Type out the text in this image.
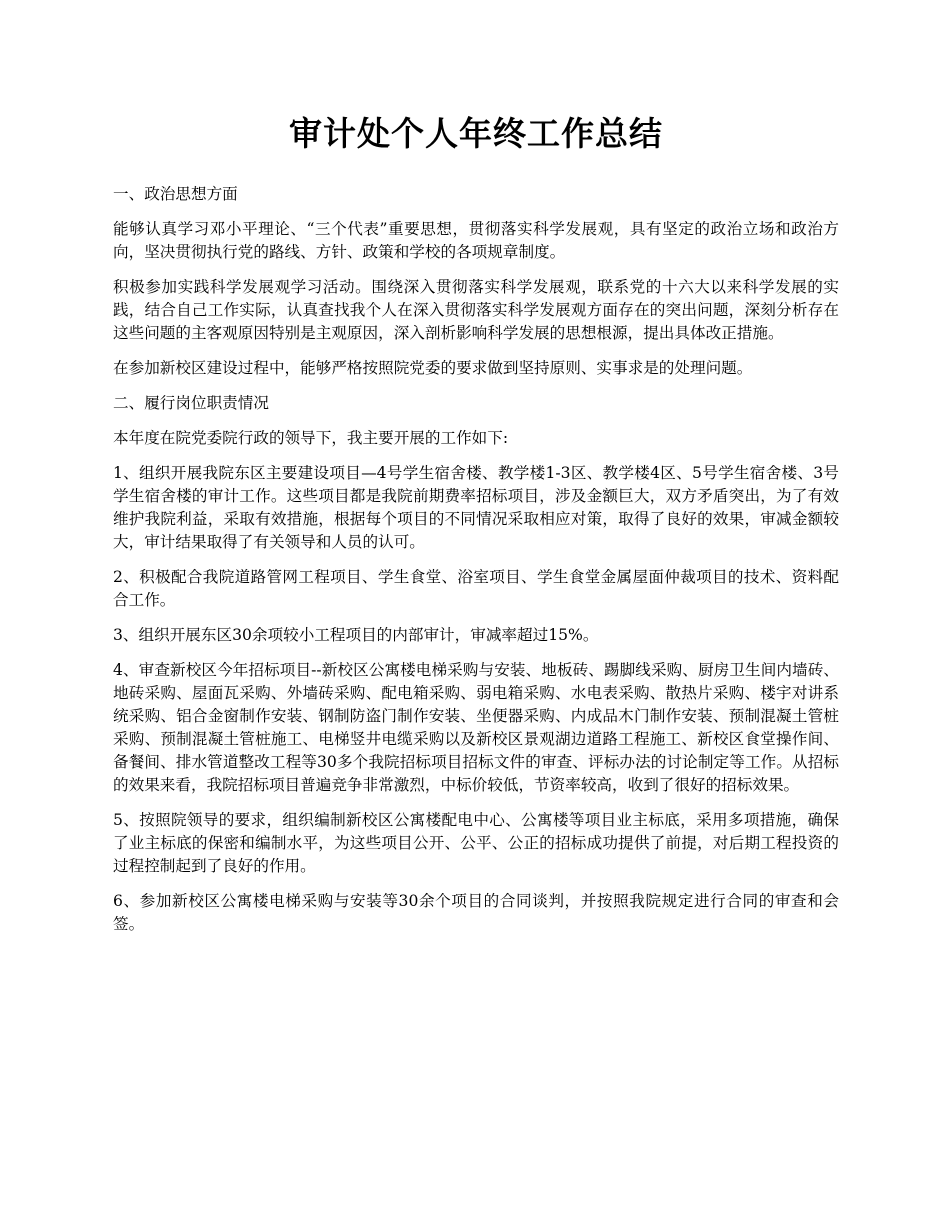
审计处个人年终工作总结

一、政治思想方面

能够认真学习邓小平理论、“三个代表”重要思想，贯彻落实科学发展观，具有坚定的政治立场和政治方向，坚决贯彻执行党的路线、方针、政策和学校的各项规章制度。

积极参加实践科学发展观学习活动。围绕深入贯彻落实科学发展观，联系党的十六大以来科学发展的实践，结合自己工作实际，认真查找我个人在深入贯彻落实科学发展观方面存在的突出问题，深刻分析存在这些问题的主客观原因特别是主观原因，深入剖析影响科学发展的思想根源，提出具体改正措施。

在参加新校区建设过程中，能够严格按照院党委的要求做到坚持原则、实事求是的处理问题。

二、履行岗位职责情况

本年度在院党委院行政的领导下，我主要开展的工作如下:

1、组织开展我院东区主要建设项目—4号学生宿舍楼、教学楼1-3区、教学楼4区、5号学生宿舍楼、3号学生宿舍楼的审计工作。这些项目都是我院前期费率招标项目，涉及金额巨大，双方矛盾突出，为了有效维护我院利益，采取有效措施，根据每个项目的不同情况采取相应对策，取得了良好的效果，审减金额较大，审计结果取得了有关领导和人员的认可。

2、积极配合我院道路管网工程项目、学生食堂、浴室项目、学生食堂金属屋面仲裁项目的技术、资料配合工作。

3、组织开展东区30余项较小工程项目的内部审计，审减率超过15%。

4、审查新校区今年招标项目--新校区公寓楼电梯采购与安装、地板砖、踢脚线采购、厨房卫生间内墙砖、地砖采购、屋面瓦采购、外墙砖采购、配电箱采购、弱电箱采购、水电表采购、散热片采购、楼宇对讲系统采购、铝合金窗制作安装、钢制防盗门制作安装、坐便器采购、内成品木门制作安装、预制混凝土管桩采购、预制混凝土管桩施工、电梯竖井电缆采购以及新校区景观湖边道路工程施工、新校区食堂操作间、备餐间、排水管道整改工程等30多个我院招标项目招标文件的审查、评标办法的讨论制定等工作。从招标的效果来看，我院招标项目普遍竞争非常激烈，中标价较低，节资率较高，收到了很好的招标效果。

5、按照院领导的要求，组织编制新校区公寓楼配电中心、公寓楼等项目业主标底，采用多项措施，确保了业主标底的保密和编制水平，为这些项目公开、公平、公正的招标成功提供了前提，对后期工程投资的过程控制起到了良好的作用。

6、参加新校区公寓楼电梯采购与安装等30余个项目的合同谈判，并按照我院规定进行合同的审查和会签。
